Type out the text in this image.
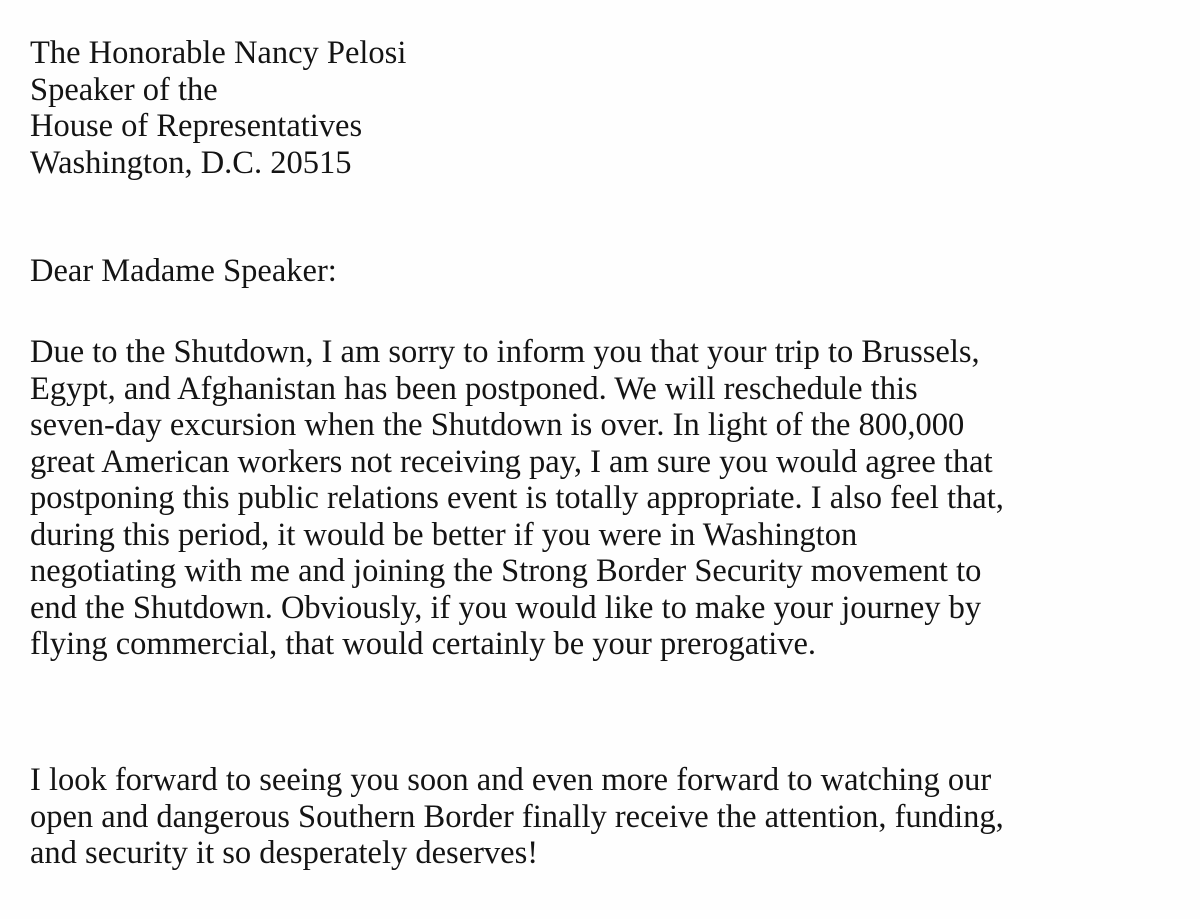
The Honorable Nancy Pelosi
Speaker of the
House of Representatives
Washington, D.C. 20515
Dear Madame Speaker:
Due to the Shutdown, I am sorry to inform you that your trip to Brussels,
Egypt, and Afghanistan has been postponed. We will reschedule this
seven-day excursion when the Shutdown is over. In light of the 800,000
great American workers not receiving pay, I am sure you would agree that
postponing this public relations event is totally appropriate. I also feel that,
during this period, it would be better if you were in Washington
negotiating with me and joining the Strong Border Security movement to
end the Shutdown. Obviously, if you would like to make your journey by
flying commercial, that would certainly be your prerogative.
I look forward to seeing you soon and even more forward to watching our
open and dangerous Southern Border finally receive the attention, funding,
and security it so desperately deserves!
